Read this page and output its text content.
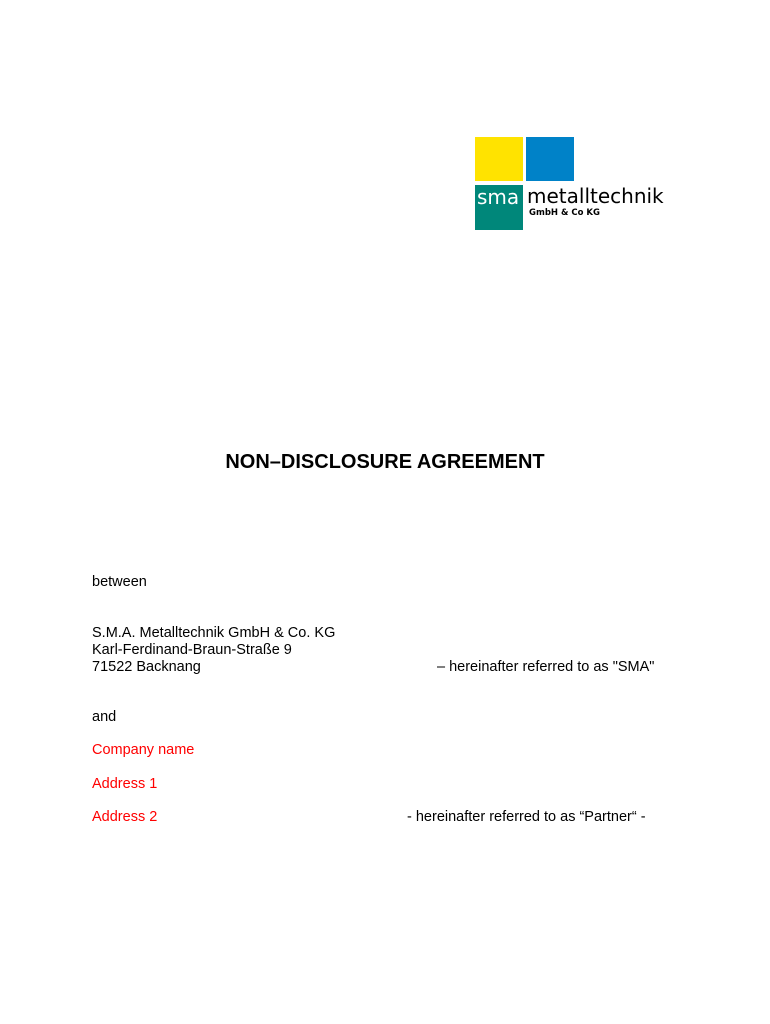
sma metalltechnik
GmbH & Co KG
NON–DISCLOSURE AGREEMENT
between
S.M.A. Metalltechnik GmbH & Co. KG
Karl-Ferdinand-Braun-Straße 9
71522 Backnang	– hereinafter referred to as "SMA"
and
Company name
Address 1
Address 2	- hereinafter referred to as “Partner“ -
